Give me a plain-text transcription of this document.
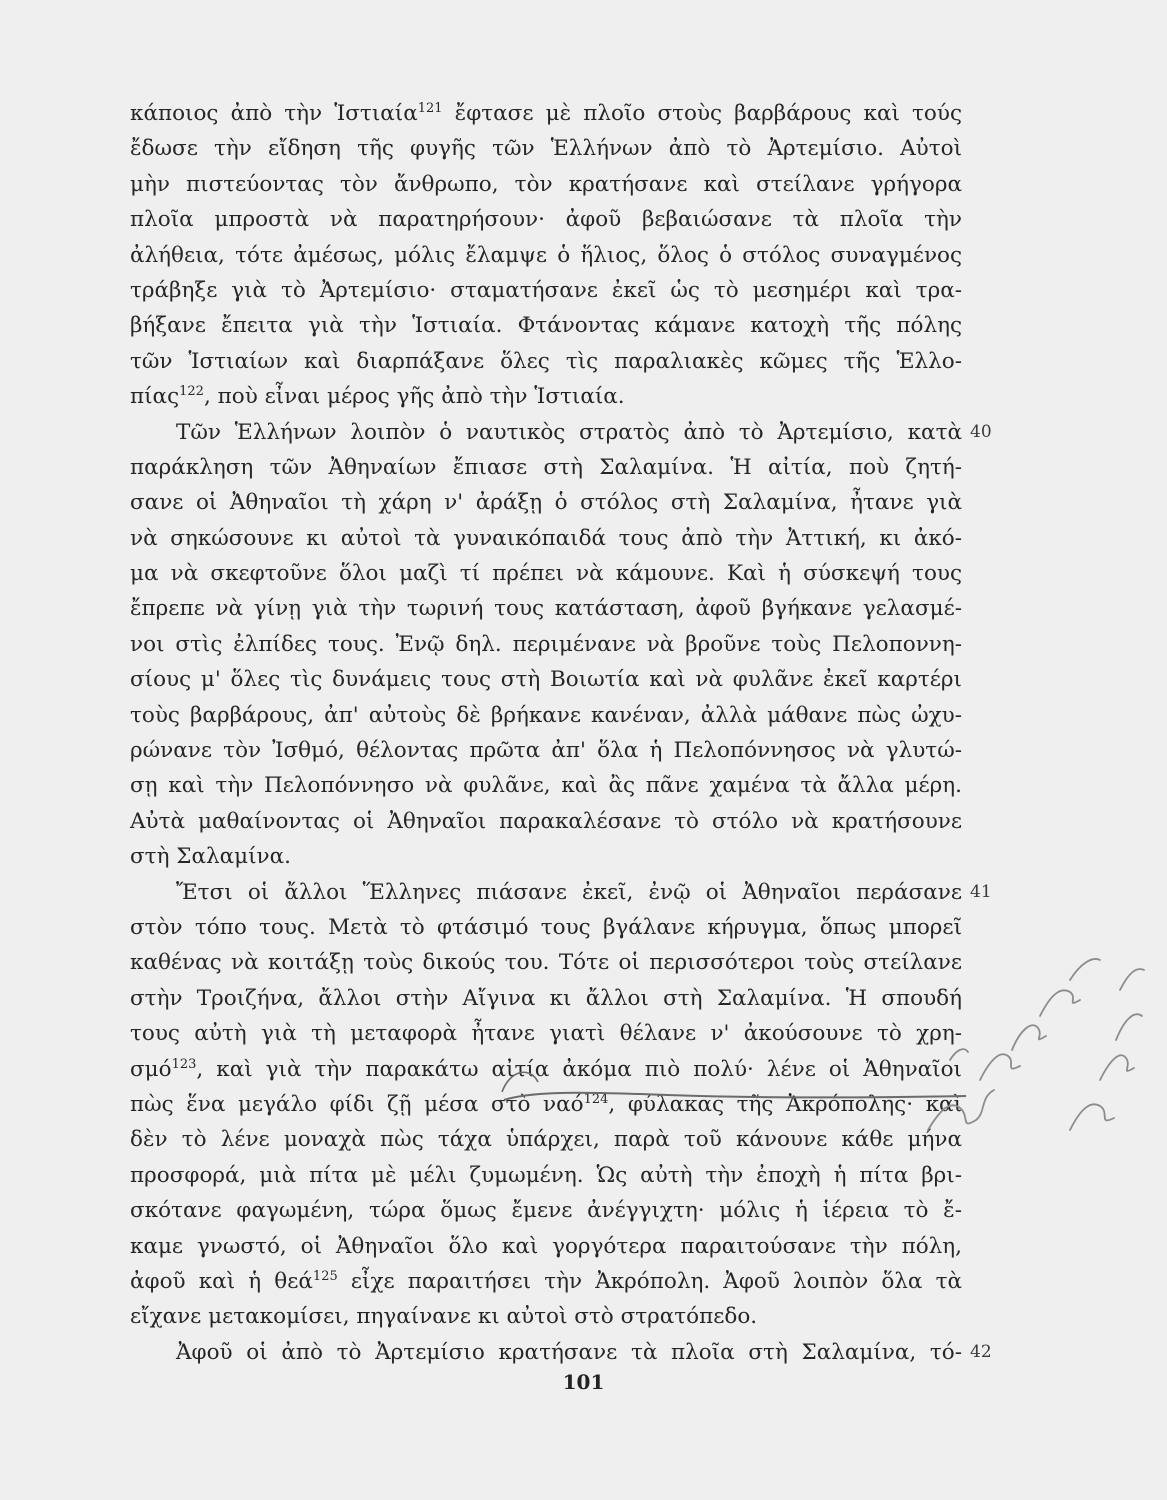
κάποιος ἀπὸ τὴν Ἱστιαία$^{121}$ ἔφτασε μὲ πλοῖο στοὺς βαρβάρους καὶ τούς
ἔδωσε τὴν εἴδηση τῆς φυγῆς τῶν Ἑλλήνων ἀπὸ τὸ Ἀρτεμίσιο. Αὐτοὶ
μὴν πιστεύοντας τὸν ἄνθρωπο, τὸν κρατήσανε καὶ στείλανε γρήγορα
πλοῖα μπροστὰ νὰ παρατηρήσουν· ἀφοῦ βεβαιώσανε τὰ πλοῖα τὴν
ἀλήθεια, τότε ἀμέσως, μόλις ἔλαμψε ὁ ἥλιος, ὅλος ὁ στόλος συναγμένος
τράβηξε γιὰ τὸ Ἀρτεμίσιο· σταματήσανε ἐκεῖ ὡς τὸ μεσημέρι καὶ τρα-
βήξανε ἔπειτα γιὰ τὴν Ἱστιαία. Φτάνοντας κάμανε κατοχὴ τῆς πόλης
τῶν Ἱστιαίων καὶ διαρπάξανε ὅλες τὶς παραλιακὲς κῶμες τῆς Ἑλλο-
πίας$^{122}$, ποὺ εἶναι μέρος γῆς ἀπὸ τὴν Ἱστιαία.
Τῶν Ἑλλήνων λοιπὸν ὁ ναυτικὸς στρατὸς ἀπὸ τὸ Ἀρτεμίσιο, κατὰ
παράκληση τῶν Ἀθηναίων ἔπιασε στὴ Σαλαμίνα. Ἡ αἰτία, ποὺ ζητή-
σανε οἱ Ἀθηναῖοι τὴ χάρη ν' ἀράξῃ ὁ στόλος στὴ Σαλαμίνα, ἦτανε γιὰ
νὰ σηκώσουνε κι αὐτοὶ τὰ γυναικόπαιδά τους ἀπὸ τὴν Ἀττική, κι ἀκό-
μα νὰ σκεφτοῦνε ὅλοι μαζὶ τί πρέπει νὰ κάμουνε. Καὶ ἡ σύσκεψή τους
ἔπρεπε νὰ γίνῃ γιὰ τὴν τωρινή τους κατάσταση, ἀφοῦ βγήκανε γελασμέ-
νοι στὶς ἐλπίδες τους. Ἐνῷ δηλ. περιμένανε νὰ βροῦνε τοὺς Πελοποννη-
σίους μ' ὅλες τὶς δυνάμεις τους στὴ Βοιωτία καὶ νὰ φυλᾶνε ἐκεῖ καρτέρι
τοὺς βαρβάρους, ἀπ' αὐτοὺς δὲ βρήκανε κανέναν, ἀλλὰ μάθανε πὼς ὠχυ-
ρώνανε τὸν Ἰσθμό, θέλοντας πρῶτα ἀπ' ὅλα ἡ Πελοπόννησος νὰ γλυτώ-
σῃ καὶ τὴν Πελοπόννησο νὰ φυλᾶνε, καὶ ἂς πᾶνε χαμένα τὰ ἄλλα μέρη.
Αὐτὰ μαθαίνοντας οἱ Ἀθηναῖοι παρακαλέσανε τὸ στόλο νὰ κρατήσουνε
στὴ Σαλαμίνα.
Ἔτσι οἱ ἄλλοι Ἕλληνες πιάσανε ἐκεῖ, ἐνῷ οἱ Ἀθηναῖοι περάσανε
στὸν τόπο τους. Μετὰ τὸ φτάσιμό τους βγάλανε κήρυγμα, ὅπως μπορεῖ
καθένας νὰ κοιτάξῃ τοὺς δικούς του. Τότε οἱ περισσότεροι τοὺς στείλανε
στὴν Τροιζήνα, ἄλλοι στὴν Αἴγινα κι ἄλλοι στὴ Σαλαμίνα. Ἡ σπουδή
τους αὐτὴ γιὰ τὴ μεταφορὰ ἦτανε γιατὶ θέλανε ν' ἀκούσουνε τὸ χρη-
σμό$^{123}$, καὶ γιὰ τὴν παρακάτω αἰτία ἀκόμα πιὸ πολύ· λένε οἱ Ἀθηναῖοι
πὼς ἕνα μεγάλο φίδι ζῇ μέσα στὸ ναό$^{124}$, φύλακας τῆς Ἀκρόπολης· καὶ
δὲν τὸ λένε μοναχὰ πὼς τάχα ὑπάρχει, παρὰ τοῦ κάνουνε κάθε μήνα
προσφορά, μιὰ πίτα μὲ μέλι ζυμωμένη. Ὡς αὐτὴ τὴν ἐποχὴ ἡ πίτα βρι-
σκότανε φαγωμένη, τώρα ὅμως ἔμενε ἀνέγγιχτη· μόλις ἡ ἱέρεια τὸ ἔ-
καμε γνωστό, οἱ Ἀθηναῖοι ὅλο καὶ γοργότερα παραιτούσανε τὴν πόλη,
ἀφοῦ καὶ ἡ θεά$^{125}$ εἶχε παραιτήσει τὴν Ἀκρόπολη. Ἀφοῦ λοιπὸν ὅλα τὰ
εἴχανε μετακομίσει, πηγαίνανε κι αὐτοὶ στὸ στρατόπεδο.
Ἀφοῦ οἱ ἀπὸ τὸ Ἀρτεμίσιο κρατήσανε τὰ πλοῖα στὴ Σαλαμίνα, τό-
40
41
42
101
